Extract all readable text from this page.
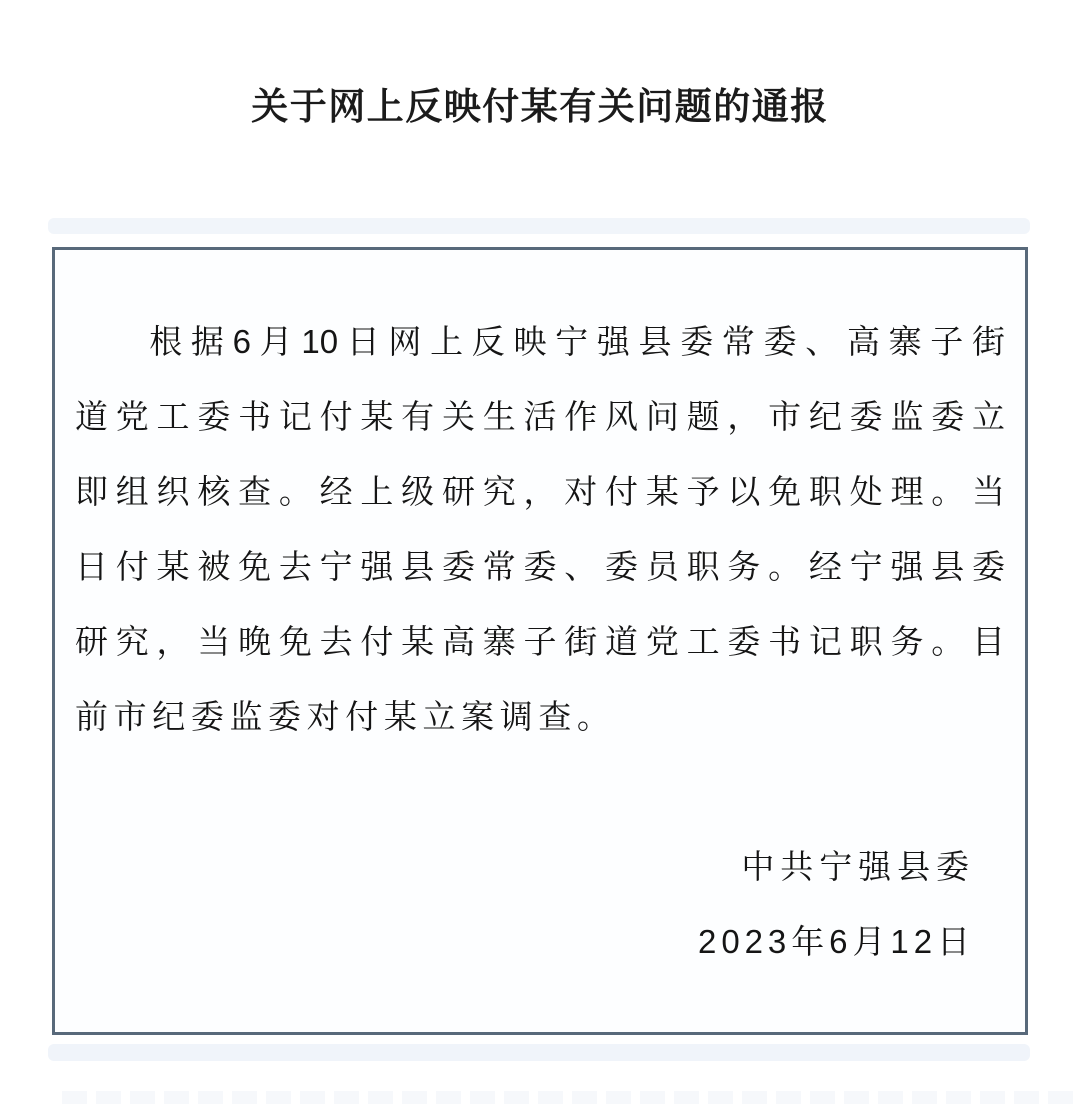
关于网上反映付某有关问题的通报

根据6月10日网上反映宁强县委常委、高寨子街

道党工委书记付某有关生活作风问题，市纪委监委立

即组织核查。经上级研究，对付某予以免职处理。当

日付某被免去宁强县委常委、委员职务。经宁强县委

研究，当晚免去付某高寨子街道党工委书记职务。目

前市纪委监委对付某立案调查。

中共宁强县委

2023年6月12日
